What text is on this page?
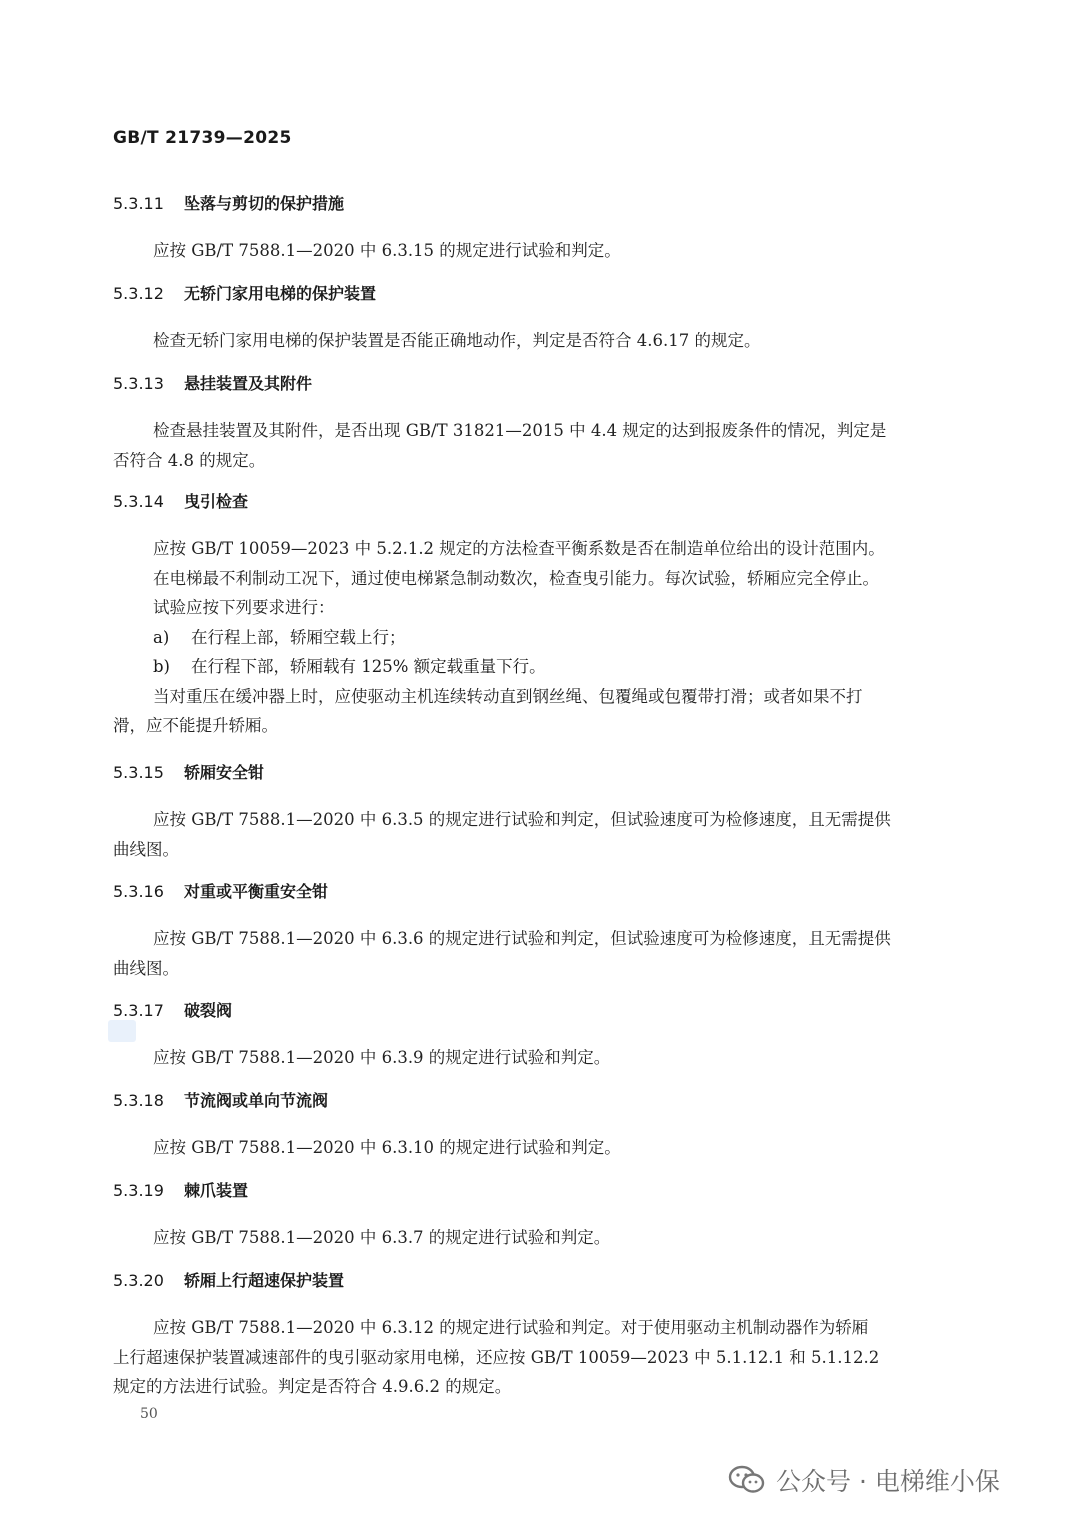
GB/T 21739—2025
5.3.11 坠落与剪切的保护措施
应按 GB/T 7588.1—2020 中 6.3.15 的规定进行试验和判定。
5.3.12 无轿门家用电梯的保护装置
检查无轿门家用电梯的保护装置是否能正确地动作，判定是否符合 4.6.17 的规定。
5.3.13 悬挂装置及其附件
检查悬挂装置及其附件，是否出现 GB/T 31821—2015 中 4.4 规定的达到报废条件的情况，判定是
否符合 4.8 的规定。
5.3.14 曳引检查
应按 GB/T 10059—2023 中 5.2.1.2 规定的方法检查平衡系数是否在制造单位给出的设计范围内。
在电梯最不利制动工况下，通过使电梯紧急制动数次，检查曳引能力。每次试验，轿厢应完全停止。
试验应按下列要求进行：
a) 在行程上部，轿厢空载上行；
b) 在行程下部，轿厢载有 125% 额定载重量下行。
当对重压在缓冲器上时，应使驱动主机连续转动直到钢丝绳、包覆绳或包覆带打滑；或者如果不打
滑，应不能提升轿厢。
5.3.15 轿厢安全钳
应按 GB/T 7588.1—2020 中 6.3.5 的规定进行试验和判定，但试验速度可为检修速度，且无需提供
曲线图。
5.3.16 对重或平衡重安全钳
应按 GB/T 7588.1—2020 中 6.3.6 的规定进行试验和判定，但试验速度可为检修速度，且无需提供
曲线图。
5.3.17 破裂阀
应按 GB/T 7588.1—2020 中 6.3.9 的规定进行试验和判定。
5.3.18 节流阀或单向节流阀
应按 GB/T 7588.1—2020 中 6.3.10 的规定进行试验和判定。
5.3.19 棘爪装置
应按 GB/T 7588.1—2020 中 6.3.7 的规定进行试验和判定。
5.3.20 轿厢上行超速保护装置
应按 GB/T 7588.1—2020 中 6.3.12 的规定进行试验和判定。对于使用驱动主机制动器作为轿厢
上行超速保护装置减速部件的曳引驱动家用电梯，还应按 GB/T 10059—2023 中 5.1.12.1 和 5.1.12.2
规定的方法进行试验。判定是否符合 4.9.6.2 的规定。
50
公众号 · 电梯维小保
